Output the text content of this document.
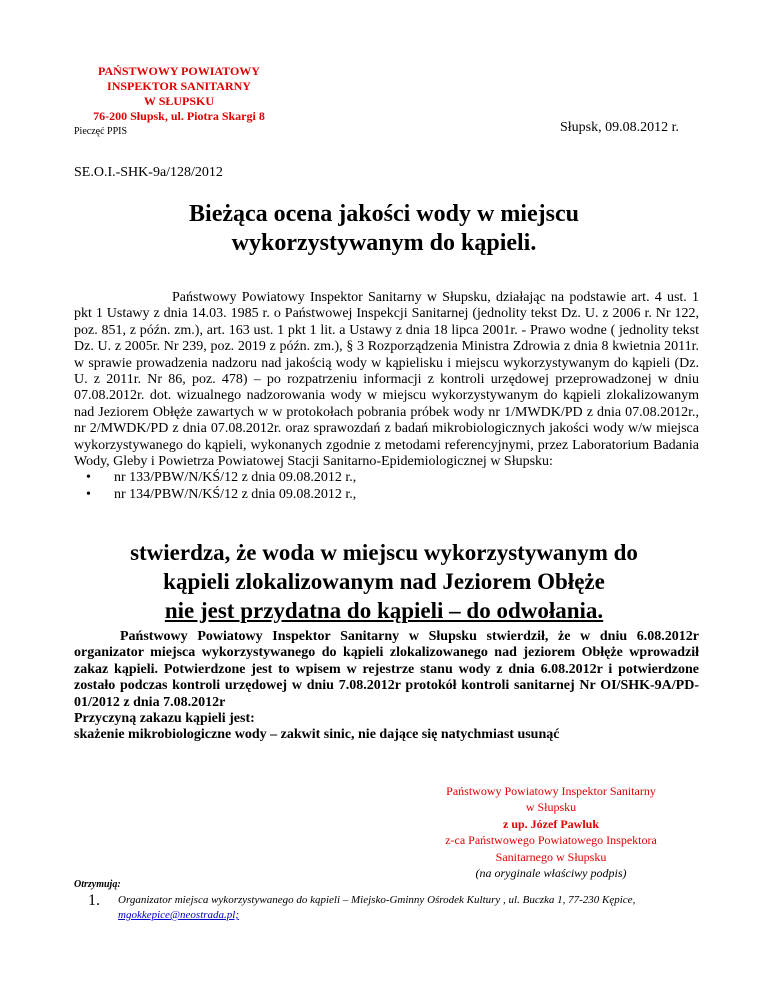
PAŃSTWOWY POWIATOWY
INSPEKTOR SANITARNY
W SŁUPSKU
76-200 Słupsk, ul. Piotra Skargi 8
Pieczęć PPIS	Słupsk, 09.08.2012 r.
SE.O.I.-SHK-9a/128/2012
Bieżąca ocena jakości wody w miejscu
wykorzystywanym do kąpieli.
Państwowy Powiatowy Inspektor Sanitarny w Słupsku, działając na podstawie art. 4 ust. 1 pkt 1 Ustawy z dnia 14.03. 1985 r. o Państwowej Inspekcji Sanitarnej (jednolity tekst Dz. U. z 2006 r. Nr 122, poz. 851, z późn. zm.), art. 163 ust. 1 pkt 1 lit. a Ustawy z dnia 18 lipca 2001r. - Prawo wodne ( jednolity tekst Dz. U. z 2005r. Nr 239, poz. 2019 z późn. zm.), § 3 Rozporządzenia Ministra Zdrowia z dnia 8 kwietnia 2011r. w sprawie prowadzenia nadzoru nad jakością wody w kąpielisku i miejscu wykorzystywanym do kąpieli (Dz. U. z 2011r. Nr 86, poz. 478) – po rozpatrzeniu informacji z kontroli urzędowej przeprowadzonej w dniu 07.08.2012r. dot. wizualnego nadzorowania wody w miejscu wykorzystywanym do kąpieli zlokalizowanym nad Jeziorem Obłęże zawartych w w protokołach pobrania próbek wody nr 1/MWDK/PD z dnia 07.08.2012r., nr 2/MWDK/PD z dnia 07.08.2012r. oraz sprawozdań z badań mikrobiologicznych jakości wody w/w miejsca wykorzystywanego do kąpieli, wykonanych zgodnie z metodami referencyjnymi, przez Laboratorium Badania Wody, Gleby i Powietrza Powiatowej Stacji Sanitarno-Epidemiologicznej w Słupsku:
• nr 133/PBW/N/KŚ/12 z dnia 09.08.2012 r.,
• nr 134/PBW/N/KŚ/12 z dnia 09.08.2012 r.,
stwierdza, że woda w miejscu wykorzystywanym do
kąpieli zlokalizowanym nad Jeziorem Obłęże
nie jest przydatna do kąpieli – do odwołania.
Państwowy Powiatowy Inspektor Sanitarny w Słupsku stwierdził, że w dniu 6.08.2012r organizator miejsca wykorzystywanego do kąpieli zlokalizowanego nad jeziorem Obłęże wprowadził zakaz kąpieli. Potwierdzone jest to wpisem w rejestrze stanu wody z dnia 6.08.2012r i potwierdzone zostało podczas kontroli urzędowej w dniu 7.08.2012r protokół kontroli sanitarnej Nr OI/SHK-9A/PD-01/2012 z dnia 7.08.2012r
Przyczyną zakazu kąpieli jest:
skażenie mikrobiologiczne wody – zakwit sinic, nie dające się natychmiast usunąć
Państwowy Powiatowy Inspektor Sanitarny
w Słupsku
z up. Józef Pawluk
z-ca Państwowego Powiatowego Inspektora
Sanitarnego w Słupsku
(na oryginale właściwy podpis)
Otrzymują:
1. Organizator miejsca wykorzystywanego do kąpieli – Miejsko-Gminny Ośrodek Kultury , ul. Buczka 1, 77-230 Kępice,
mgokkepice@neostrada.pl;
